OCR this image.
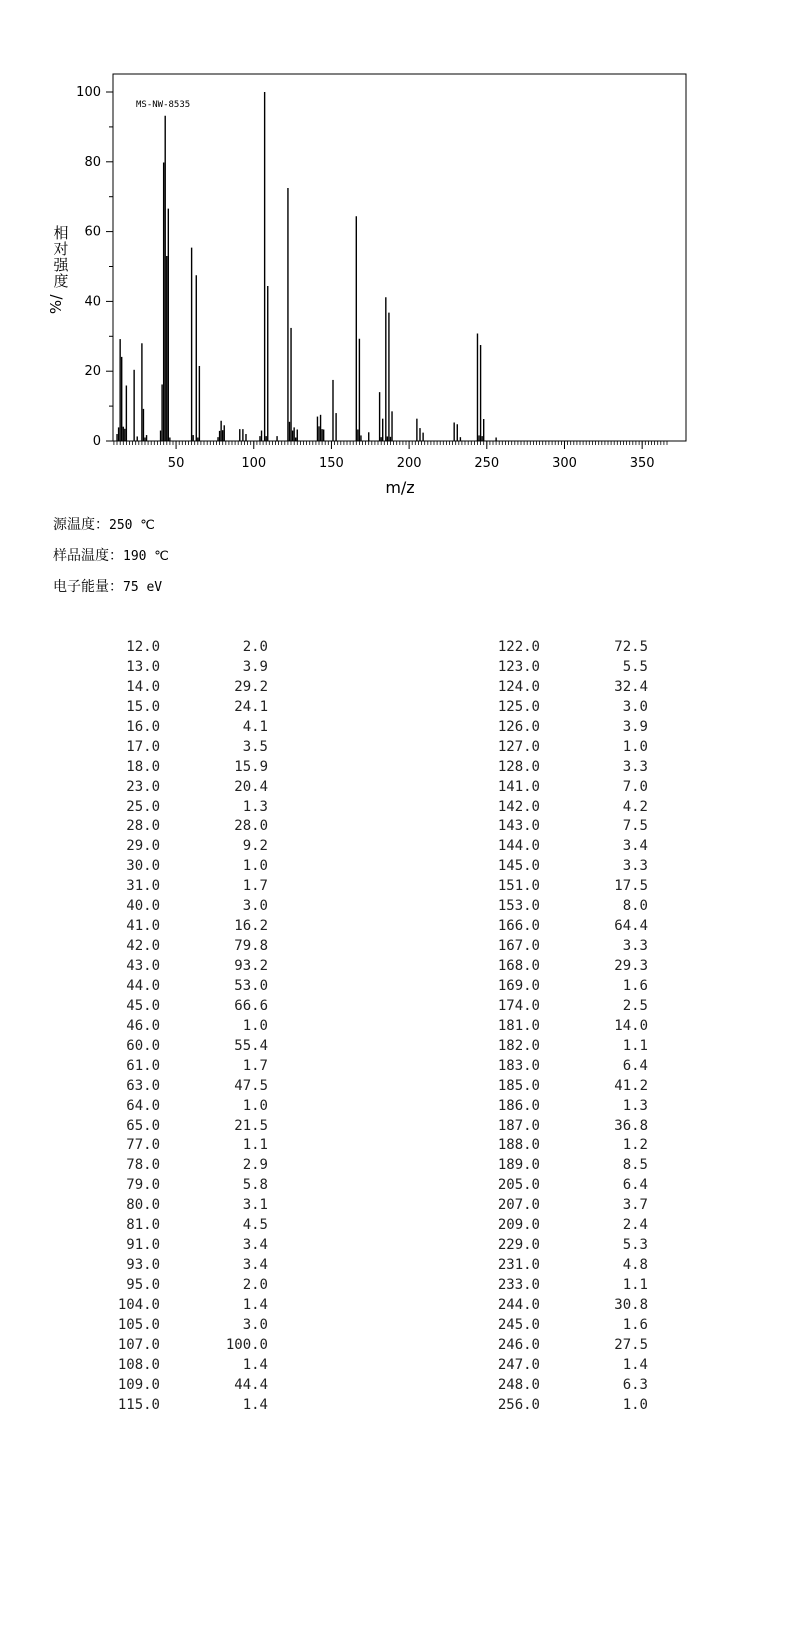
0
20
40
60
80
100
50	100	150	200	250	300	350
MS-NW-8535
相
对
强
度
/
%
m/z
源温度：250 ℃
样品温度：190 ℃
电子能量：75 eV
12.0	2.0
13.0	3.9
14.0	29.2
15.0	24.1
16.0	4.1
17.0	3.5
18.0	15.9
23.0	20.4
25.0	1.3
28.0	28.0
29.0	9.2
30.0	1.0
31.0	1.7
40.0	3.0
41.0	16.2
42.0	79.8
43.0	93.2
44.0	53.0
45.0	66.6
46.0	1.0
60.0	55.4
61.0	1.7
63.0	47.5
64.0	1.0
65.0	21.5
77.0	1.1
78.0	2.9
79.0	5.8
80.0	3.1
81.0	4.5
91.0	3.4
93.0	3.4
95.0	2.0
104.0	1.4
105.0	3.0
107.0	100.0
108.0	1.4
109.0	44.4
115.0	1.4
122.0	72.5
123.0	5.5
124.0	32.4
125.0	3.0
126.0	3.9
127.0	1.0
128.0	3.3
141.0	7.0
142.0	4.2
143.0	7.5
144.0	3.4
145.0	3.3
151.0	17.5
153.0	8.0
166.0	64.4
167.0	3.3
168.0	29.3
169.0	1.6
174.0	2.5
181.0	14.0
182.0	1.1
183.0	6.4
185.0	41.2
186.0	1.3
187.0	36.8
188.0	1.2
189.0	8.5
205.0	6.4
207.0	3.7
209.0	2.4
229.0	5.3
231.0	4.8
233.0	1.1
244.0	30.8
245.0	1.6
246.0	27.5
247.0	1.4
248.0	6.3
256.0	1.0
